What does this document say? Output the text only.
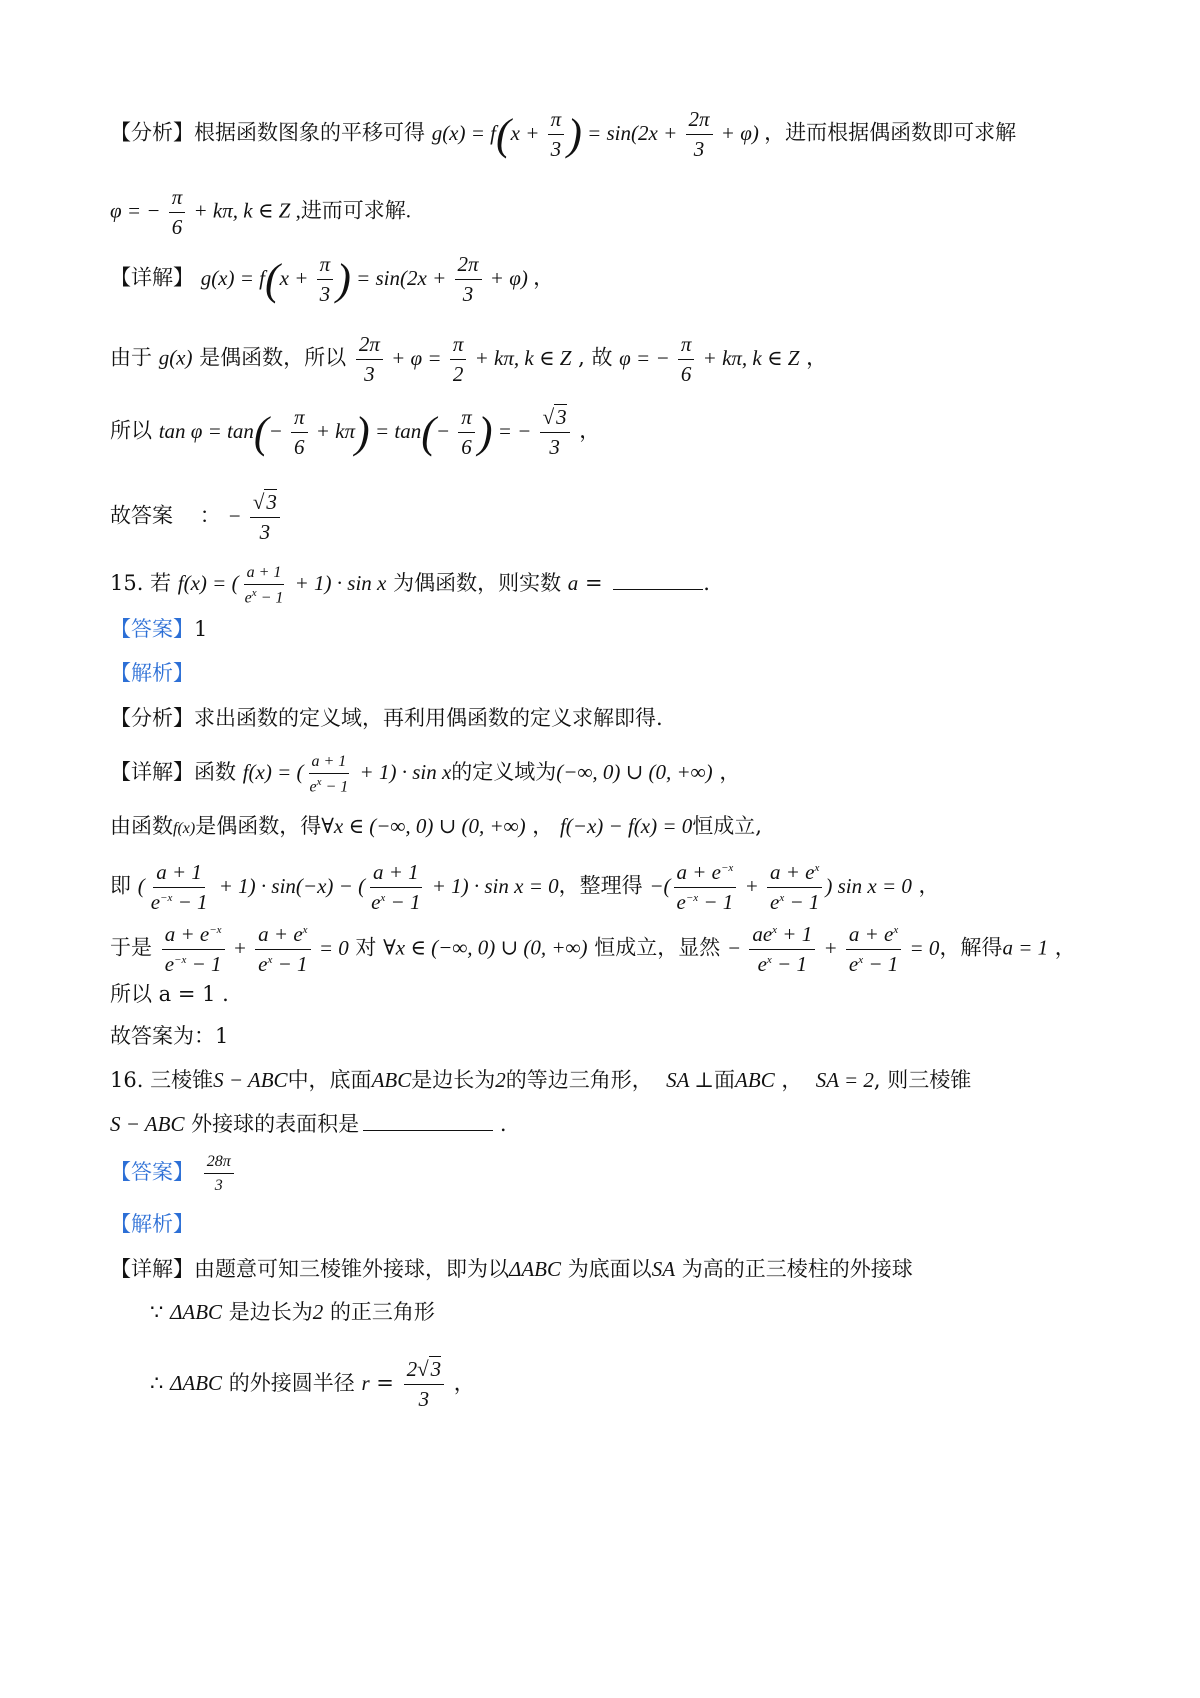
【分析】根据函数图象的平移可得 $g(x) = f(x + \frac{\pi}{3}$ ) = $\sin(2x + \frac{2\pi}{3} + \varphi)$ ，进而根据偶函数即可求解
φ = − $\frac{\pi}{6} + k\pi$, k ∈ Z ,进而可求解.
【详解】 $g(x) = f(x + \frac{\pi}{3}$ ) = $\sin(2x + \frac{2\pi}{3} + \varphi)$ ，
由于 g(x) 是偶函数，所以 $\frac{2\pi}{3} + \varphi = \frac{\pi}{2} + k\pi$, k ∈ Z , 故 φ = − $\frac{\pi}{6} + k\pi$, k ∈ Z ，
所以 $\tan \varphi = \tan(- \frac{\pi}{6} + k\pi) = \tan(- \frac{\pi}{6}$ ) = − $\frac{√3}{3}$ ，
故答案 ： − $\frac{√3}{3}$
15. 若 f(x) = ( $\frac{a + 1}{e^x - 1} + 1) \cdot \sin x$ 为偶函数，则实数 a =	.
【答案】1
【解析】
【分析】求出函数的定义域，再利用偶函数的定义求解即得.
【详解】函数 f(x) = ( $\frac{a + 1}{e^x - 1} + 1) \cdot \sin x$的定义域为(−∞, 0) ∪ (0, +∞) ，
由函数f(x)是偶函数，得∀x ∈ (−∞, 0) ∪ (0, +∞) ， f(−x) − f(x) = 0恒成立,
即 ( $\frac{a + 1}{e^{-x} - 1} + 1) \cdot \sin(-x)$ − ( $\frac{a + 1}{e^x - 1} + 1) \cdot \sin x = 0$，整理得 −( $\frac{a + e^{-x}}{e^{-x} - 1} + \frac{a + e^x}{e^x - 1}$ ) sin x = 0 ，
于是 $\frac{a + e^{-x}}{e^{-x} - 1} + \frac{a + e^x}{e^x - 1} = 0$ 对 ∀x ∈ (−∞, 0) ∪ (0, +∞) 恒成立，显然 − $\frac{ae^x + 1}{e^x - 1} + \frac{a + e^x}{e^x - 1} = 0$，解得a = 1 ，
所以 a = 1 .
故答案为：1
16. 三棱锥S − ABC中，底面ABC是边长为2的等边三角形， SA ⊥面ABC ，  SA = 2, 则三棱锥
S − ABC 外接球的表面积是	.
【答案】 $\frac{28\pi}{3}$
【解析】
【详解】由题意可知三棱锥外接球，即为以ΔABC 为底面以SA 为高的正三棱柱的外接球
∵ ΔABC 是边长为2 的正三角形
∴ ΔABC 的外接圆半径 $r = \frac{2√3}{3}$ ，
